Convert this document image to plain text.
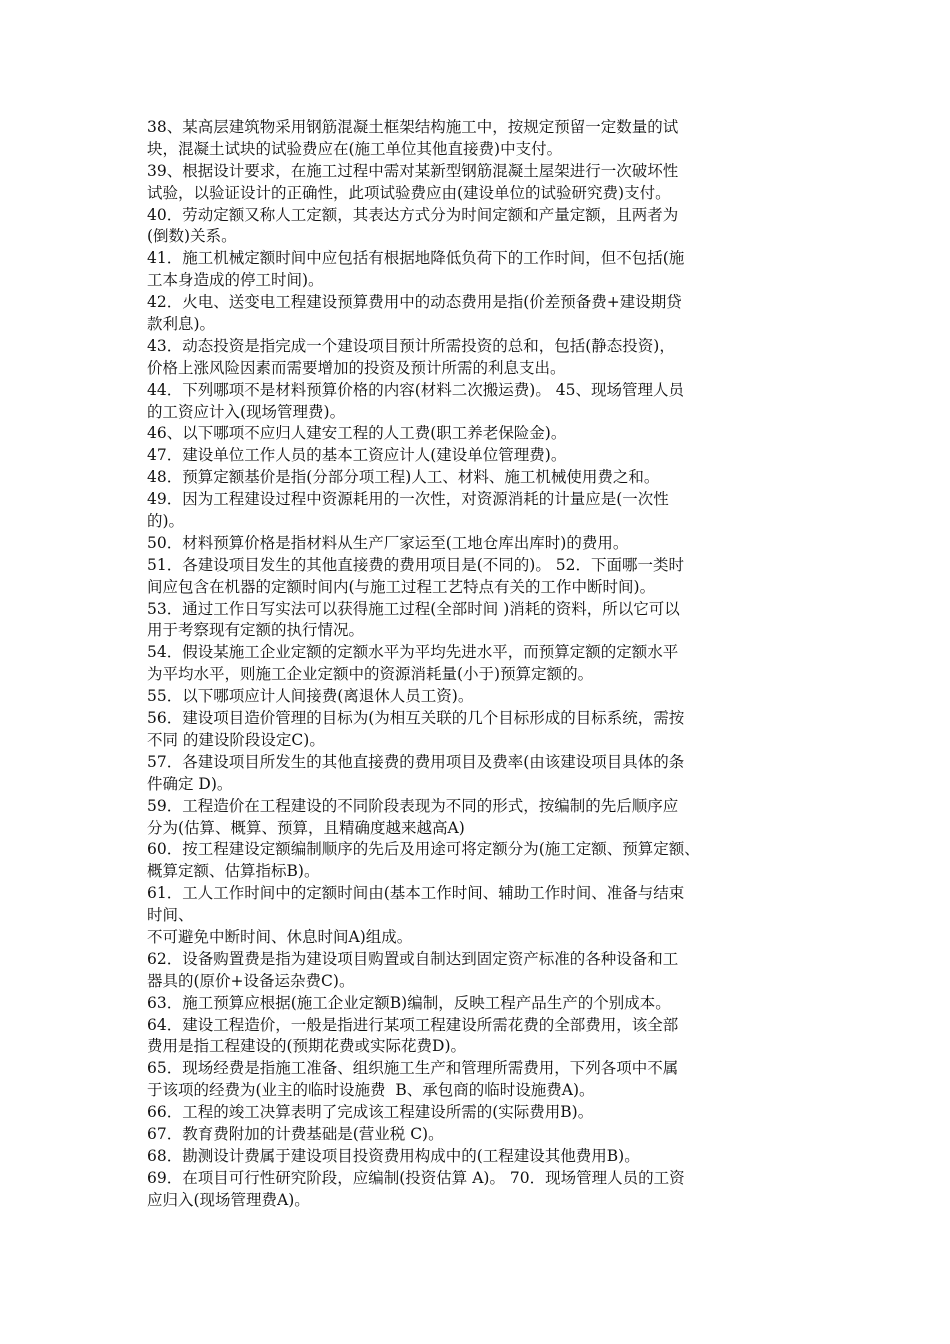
38、某高层建筑物采用钢筋混凝土框架结构施工中，按规定预留一定数量的试
块，混凝土试块的试验费应在(施工单位其他直接费)中支付。
39、根据设计要求，在施工过程中需对某新型钢筋混凝土屋架进行一次破坏性
试验，以验证设计的正确性，此项试验费应由(建设单位的试验研究费)支付。
40．劳动定额又称人工定额，其表达方式分为时间定额和产量定额，且两者为
(倒数)关系。
41．施工机械定额时间中应包括有根据地降低负荷下的工作时间，但不包括(施
工本身造成的停工时间)。
42．火电、送变电工程建设预算费用中的动态费用是指(价差预备费+建设期贷
款利息)。
43．动态投资是指完成一个建设项目预计所需投资的总和，包括(静态投资)，
价格上涨风险因素而需要增加的投资及预计所需的利息支出。
44．下列哪项不是材料预算价格的内容(材料二次搬运费)。 45、现场管理人员
的工资应计入(现场管理费)。
46、以下哪项不应归人建安工程的人工费(职工养老保险金)。
47．建设单位工作人员的基本工资应计人(建设单位管理费)。
48．预算定额基价是指(分部分项工程)人工、材料、施工机械使用费之和。
49．因为工程建设过程中资源耗用的一次性，对资源消耗的计量应是(一次性
的)。
50．材料预算价格是指材料从生产厂家运至(工地仓库出库时)的费用。
51．各建设项目发生的其他直接费的费用项目是(不同的)。 52．下面哪一类时
间应包含在机器的定额时间内(与施工过程工艺特点有关的工作中断时间)。
53．通过工作日写实法可以获得施工过程(全部时间 )消耗的资料，所以它可以
用于考察现有定额的执行情况。
54．假设某施工企业定额的定额水平为平均先进水平，而预算定额的定额水平
为平均水平，则施工企业定额中的资源消耗量(小于)预算定额的。
55．以下哪项应计人间接费(离退休人员工资)。
56．建设项目造价管理的目标为(为相互关联的几个目标形成的目标系统，需按
不同 的建设阶段设定C)。
57．各建设项目所发生的其他直接费的费用项目及费率(由该建设项目具体的条
件确定 D)。
59．工程造价在工程建设的不同阶段表现为不同的形式，按编制的先后顺序应
分为(估算、概算、预算，且精确度越来越高A)
60．按工程建设定额编制顺序的先后及用途可将定额分为(施工定额、预算定额、
概算定额、估算指标B)。
61．工人工作时间中的定额时间由(基本工作时间、辅助工作时间、准备与结束
时间、
不可避免中断时间、休息时间A)组成。
62．设备购置费是指为建设项目购置或自制达到固定资产标准的各种设备和工
器具的(原价+设备运杂费C)。
63．施工预算应根据(施工企业定额B)编制，反映工程产品生产的个别成本。
64．建设工程造价，一般是指进行某项工程建设所需花费的全部费用，该全部
费用是指工程建设的(预期花费或实际花费D)。
65．现场经费是指施工准备、组织施工生产和管理所需费用，下列各项中不属
于该项的经费为(业主的临时设施费  B、承包商的临时设施费A)。
66．工程的竣工决算表明了完成该工程建设所需的(实际费用B)。
67．教育费附加的计费基础是(营业税 C)。
68．勘测设计费属于建设项目投资费用构成中的(工程建设其他费用B)。
69．在项目可行性研究阶段，应编制(投资估算 A)。 70．现场管理人员的工资
应归入(现场管理费A)。
